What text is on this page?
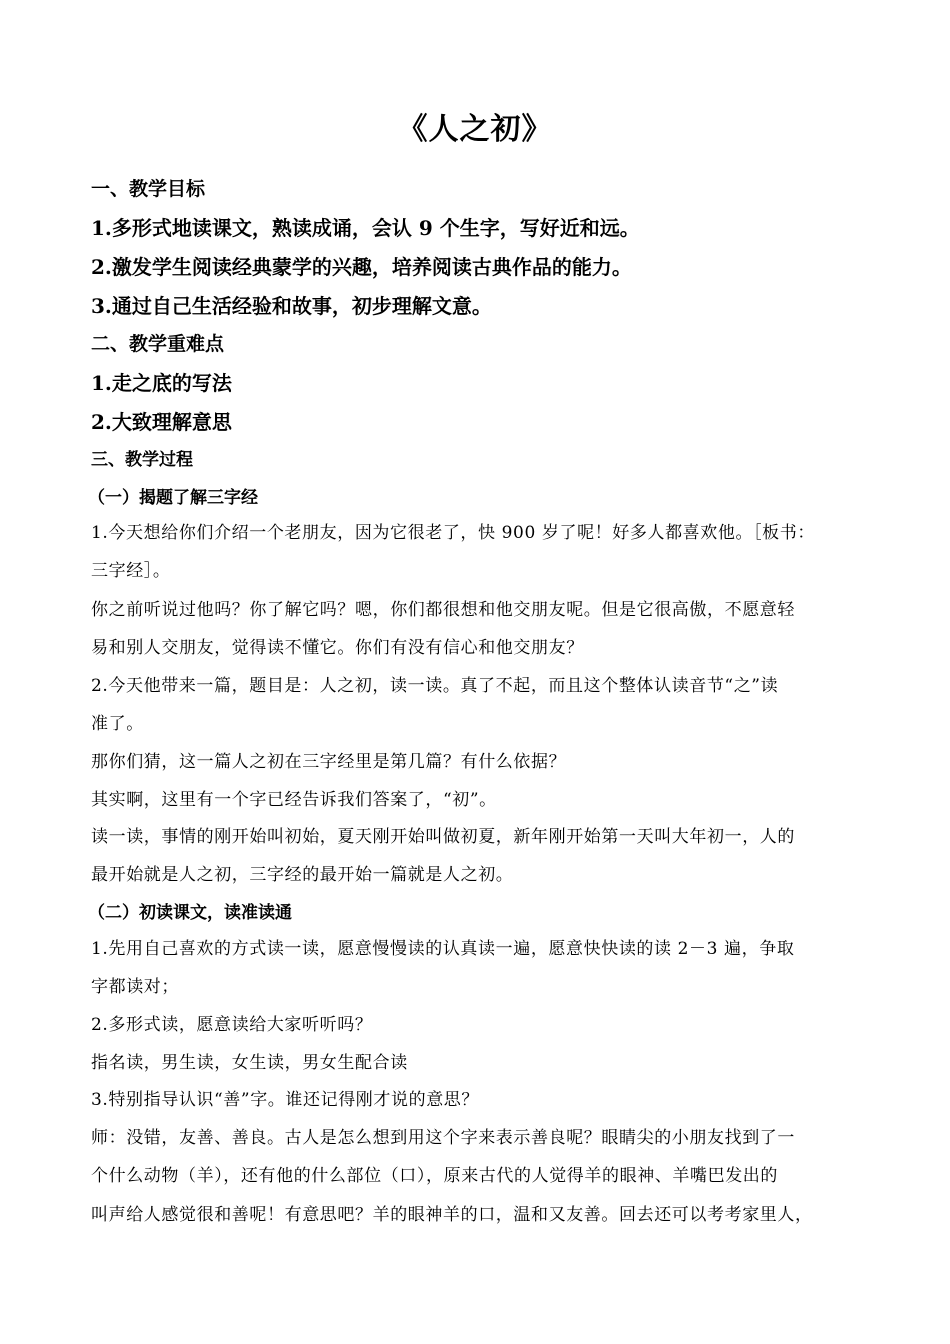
《人之初》
一、教学目标
1.多形式地读课文，熟读成诵，会认 9 个生字，写好近和远。
2.激发学生阅读经典蒙学的兴趣，培养阅读古典作品的能力。
3.通过自己生活经验和故事，初步理解文意。
二、教学重难点
1.走之底的写法
2.大致理解意思
三、教学过程
（一）揭题了解三字经
1.今天想给你们介绍一个老朋友，因为它很老了，快 900 岁了呢！好多人都喜欢他。［板书：
三字经］。
你之前听说过他吗？你了解它吗？嗯，你们都很想和他交朋友呢。但是它很高傲，不愿意轻
易和别人交朋友，觉得读不懂它。你们有没有信心和他交朋友？
2.今天他带来一篇，题目是：人之初，读一读。真了不起，而且这个整体认读音节“之”读
准了。
那你们猜，这一篇人之初在三字经里是第几篇？有什么依据？
其实啊，这里有一个字已经告诉我们答案了，“初”。
读一读，事情的刚开始叫初始，夏天刚开始叫做初夏，新年刚开始第一天叫大年初一，人的
最开始就是人之初，三字经的最开始一篇就是人之初。
（二）初读课文，读准读通
1.先用自己喜欢的方式读一读，愿意慢慢读的认真读一遍，愿意快快读的读 2－3 遍，争取
字都读对；
2.多形式读，愿意读给大家听听吗？
指名读，男生读，女生读，男女生配合读
3.特别指导认识“善”字。谁还记得刚才说的意思？
师：没错，友善、善良。古人是怎么想到用这个字来表示善良呢？眼睛尖的小朋友找到了一
个什么动物（羊），还有他的什么部位（口），原来古代的人觉得羊的眼神、羊嘴巴发出的
叫声给人感觉很和善呢！有意思吧？羊的眼神羊的口，温和又友善。回去还可以考考家里人，
